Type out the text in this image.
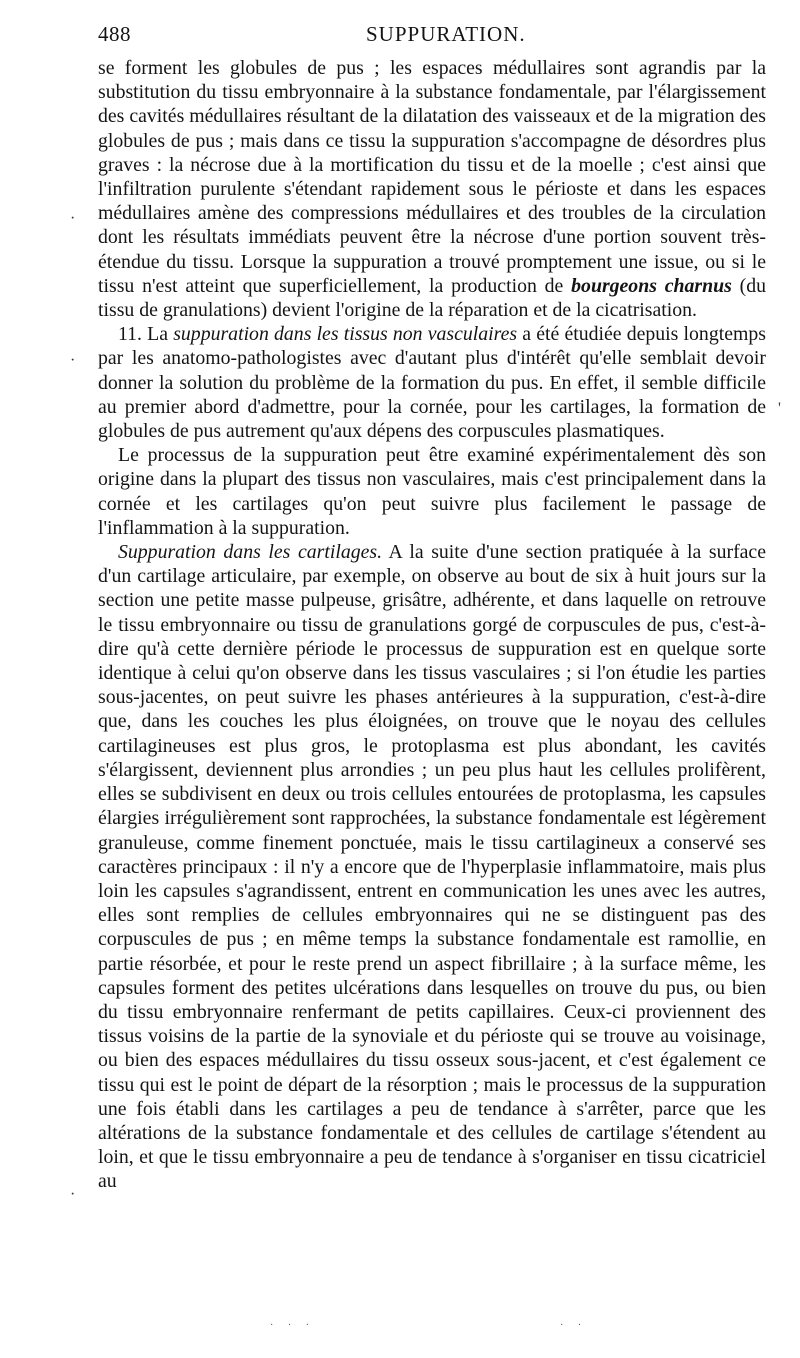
488	SUPPURATION.
·
·
·
'

se forment les globules de pus ; les espaces médullaires sont agrandis par la substitution du tissu embryonnaire à la substance fondamentale, par l'élargissement des cavités médullaires résultant de la dilatation des vaisseaux et de la migration des globules de pus ; mais dans ce tissu la suppuration s'accompagne de désordres plus graves : la nécrose due à la mortification du tissu et de la moelle ; c'est ainsi que l'infiltration purulente s'étendant rapidement sous le périoste et dans les espaces médullaires amène des compressions médullaires et des troubles de la circulation dont les résultats immédiats peuvent être la nécrose d'une portion souvent très-étendue du tissu. Lorsque la suppuration a trouvé promptement une issue, ou si le tissu n'est atteint que superficiellement, la production de bourgeons charnus (du tissu de granulations) devient l'origine de la réparation et de la cicatrisation.

11. La suppuration dans les tissus non vasculaires a été étudiée depuis longtemps par les anatomo-pathologistes avec d'autant plus d'intérêt qu'elle semblait devoir donner la solution du problème de la formation du pus. En effet, il semble difficile au premier abord d'admettre, pour la cornée, pour les cartilages, la formation de globules de pus autrement qu'aux dépens des corpuscules plasmatiques.

Le processus de la suppuration peut être examiné expérimentalement dès son origine dans la plupart des tissus non vasculaires, mais c'est principalement dans la cornée et les cartilages qu'on peut suivre plus facilement le passage de l'inflammation à la suppuration.

Suppuration dans les cartilages. A la suite d'une section pratiquée à la surface d'un cartilage articulaire, par exemple, on observe au bout de six à huit jours sur la section une petite masse pulpeuse, grisâtre, adhérente, et dans laquelle on retrouve le tissu embryonnaire ou tissu de granulations gorgé de corpuscules de pus, c'est-à-dire qu'à cette dernière période le processus de suppuration est en quelque sorte identique à celui qu'on observe dans les tissus vasculaires ; si l'on étudie les parties sous-jacentes, on peut suivre les phases antérieures à la suppuration, c'est-à-dire que, dans les couches les plus éloignées, on trouve que le noyau des cellules cartilagineuses est plus gros, le protoplasma est plus abondant, les cavités s'élargissent, deviennent plus arrondies ; un peu plus haut les cellules prolifèrent, elles se subdivisent en deux ou trois cellules entourées de protoplasma, les capsules élargies irrégulièrement sont rapprochées, la substance fondamentale est légèrement granuleuse, comme finement ponctuée, mais le tissu cartilagineux a conservé ses caractères principaux : il n'y a encore que de l'hyperplasie inflammatoire, mais plus loin les capsules s'agrandissent, entrent en communication les unes avec les autres, elles sont remplies de cellules embryonnaires qui ne se distinguent pas des corpuscules de pus ; en même temps la substance fondamentale est ramollie, en partie résorbée, et pour le reste prend un aspect fibrillaire ; à la surface même, les capsules forment des petites ulcérations dans lesquelles on trouve du pus, ou bien du tissu embryonnaire renfermant de petits capillaires. Ceux-ci proviennent des tissus voisins de la partie de la synoviale et du périoste qui se trouve au voisinage, ou bien des espaces médullaires du tissu osseux sous-jacent, et c'est également ce tissu qui est le point de départ de la résorption ; mais le processus de la suppuration une fois établi dans les cartilages a peu de tendance à s'arrêter, parce que les altérations de la substance fondamentale et des cellules de cartilage s'étendent au loin, et que le tissu embryonnaire a peu de tendance à s'organiser en tissu cicatriciel au

· · ·	· ·
